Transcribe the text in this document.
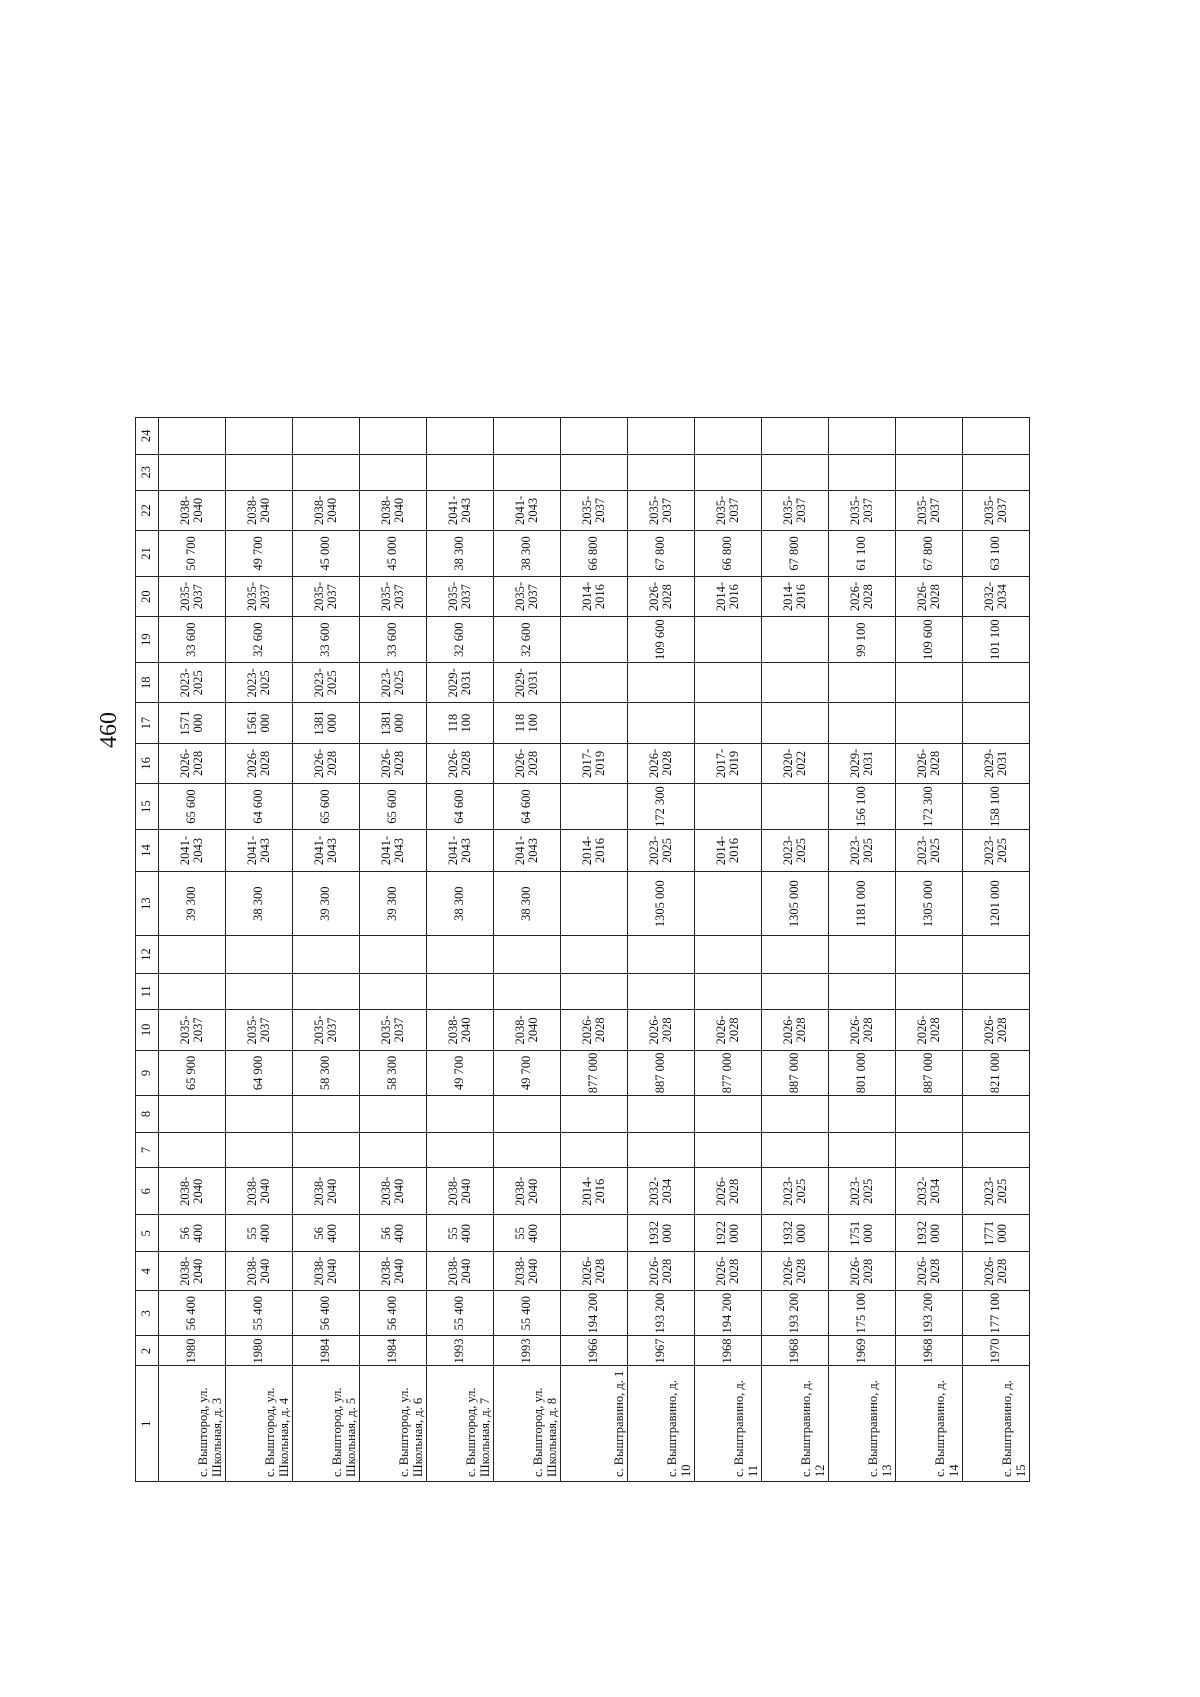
460
1	2	3	4	5	6	7	8	9	10	11	12	13	14	15	16	17	18	19	20	21	22	23	24
с. Выштород, ул. Школьная, д. 3	1980	56 400	2038-2040	56 400	2038-2040			65 900	2035-2037			39 300	2041-2043	65 600	2026-2028	1571 000	2023-2025	33 600	2035-2037	50 700	2038-2040		
с. Выштород, ул. Школьная, д. 4	1980	55 400	2038-2040	55 400	2038-2040			64 900	2035-2037			38 300	2041-2043	64 600	2026-2028	1561 000	2023-2025	32 600	2035-2037	49 700	2038-2040		
с. Выштород, ул. Школьная, д. 5	1984	56 400	2038-2040	56 400	2038-2040			58 300	2035-2037			39 300	2041-2043	65 600	2026-2028	1381 000	2023-2025	33 600	2035-2037	45 000	2038-2040		
с. Выштород, ул. Школьная, д. 6	1984	56 400	2038-2040	56 400	2038-2040			58 300	2035-2037			39 300	2041-2043	65 600	2026-2028	1381 000	2023-2025	33 600	2035-2037	45 000	2038-2040		
с. Выштород, ул. Школьная, д. 7	1993	55 400	2038-2040	55 400	2038-2040			49 700	2038-2040			38 300	2041-2043	64 600	2026-2028	118 100	2029-2031	32 600	2035-2037	38 300	2041-2043		
с. Выштород, ул. Школьная, д. 8	1993	55 400	2038-2040	55 400	2038-2040			49 700	2038-2040			38 300	2041-2043	64 600	2026-2028	118 100	2029-2031	32 600	2035-2037	38 300	2041-2043		
с. Выштравино, д. 1	1966	194 200	2026-2028		2014-2016			877 000	2026-2028				2014-2016		2017-2019				2014-2016	66 800	2035-2037		
с. Выштравино, д. 10	1967	193 200	2026-2028	1932 000	2032-2034			887 000	2026-2028			1305 000	2023-2025	172 300	2026-2028			109 600	2026-2028	67 800	2035-2037		
с. Выштравино, д. 11	1968	194 200	2026-2028	1922 000	2026-2028			877 000	2026-2028				2014-2016		2017-2019				2014-2016	66 800	2035-2037		
с. Выштравино, д. 12	1968	193 200	2026-2028	1932 000	2023-2025			887 000	2026-2028			1305 000	2023-2025		2020-2022				2014-2016	67 800	2035-2037		
с. Выштравино, д. 13	1969	175 100	2026-2028	1751 000	2023-2025			801 000	2026-2028			1181 000	2023-2025	156 100	2029-2031			99 100	2026-2028	61 100	2035-2037		
с. Выштравино, д. 14	1968	193 200	2026-2028	1932 000	2032-2034			887 000	2026-2028			1305 000	2023-2025	172 300	2026-2028			109 600	2026-2028	67 800	2035-2037		
с. Выштравино, д. 15	1970	177 100	2026-2028	1771 000	2023-2025			821 000	2026-2028			1201 000	2023-2025	158 100	2029-2031			101 100	2032-2034	63 100	2035-2037		
